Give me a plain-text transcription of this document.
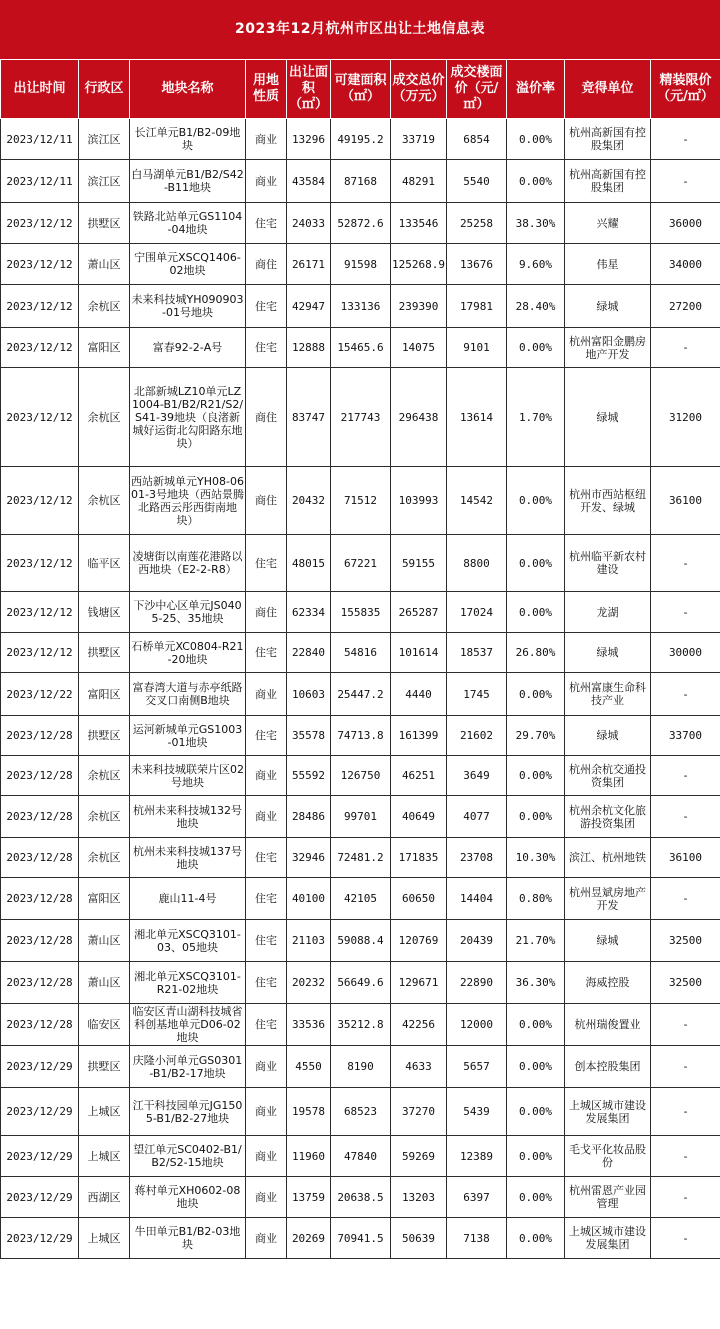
2023年12月杭州市区出让土地信息表
出让时间	行政区	地块名称	用地性质	出让面积（㎡）	可建面积（㎡）	成交总价（万元）	成交楼面价（元/㎡）	溢价率	竞得单位	精装限价（元/㎡）
2023/12/11	滨江区	长江单元B1/B2-09地块	商业	13296	49195.2	33719	6854	0.00%	杭州高新国有控股集团	-
2023/12/11	滨江区	白马湖单元B1/B2/S42-B11地块	商业	43584	87168	48291	5540	0.00%	杭州高新国有控股集团	-
2023/12/12	拱墅区	铁路北站单元GS1104-04地块	住宅	24033	52872.6	133546	25258	38.30%	兴耀	36000
2023/12/12	萧山区	宁围单元XSCQ1406-02地块	商住	26171	91598	125268.9	13676	9.60%	伟星	34000
2023/12/12	余杭区	未来科技城YH090903-01号地块	住宅	42947	133136	239390	17981	28.40%	绿城	27200
2023/12/12	富阳区	富春92-2-A号	住宅	12888	15465.6	14075	9101	0.00%	杭州富阳金鹏房地产开发	-
2023/12/12	余杭区	北部新城LZ10单元LZ1004-B1/B2/R21/S2/S41-39地块（良渚新城好运街北勾阳路东地块）	商住	83747	217743	296438	13614	1.70%	绿城	31200
2023/12/12	余杭区	西站新城单元YH08-0601-3号地块（西站景腾北路西云彤西街南地块）	商住	20432	71512	103993	14542	0.00%	杭州市西站枢纽开发、绿城	36100
2023/12/12	临平区	凌塘街以南莲花港路以西地块（E2-2-R8）	住宅	48015	67221	59155	8800	0.00%	杭州临平新农村建设	-
2023/12/12	钱塘区	下沙中心区单元JS0405-25、35地块	商住	62334	155835	265287	17024	0.00%	龙湖	-
2023/12/12	拱墅区	石桥单元XC0804-R21-20地块	住宅	22840	54816	101614	18537	26.80%	绿城	30000
2023/12/22	富阳区	富春湾大道与赤亭纸路交叉口南侧B地块	商业	10603	25447.2	4440	1745	0.00%	杭州富康生命科技产业	-
2023/12/28	拱墅区	运河新城单元GS1003-01地块	住宅	35578	74713.8	161399	21602	29.70%	绿城	33700
2023/12/28	余杭区	未来科技城联荣片区02号地块	商业	55592	126750	46251	3649	0.00%	杭州余杭交通投资集团	-
2023/12/28	余杭区	杭州未来科技城132号地块	商业	28486	99701	40649	4077	0.00%	杭州余杭文化旅游投资集团	-
2023/12/28	余杭区	杭州未来科技城137号地块	住宅	32946	72481.2	171835	23708	10.30%	滨江、杭州地铁	36100
2023/12/28	富阳区	鹿山11-4号	住宅	40100	42105	60650	14404	0.80%	杭州昱斌房地产开发	-
2023/12/28	萧山区	湘北单元XSCQ3101-03、05地块	住宅	21103	59088.4	120769	20439	21.70%	绿城	32500
2023/12/28	萧山区	湘北单元XSCQ3101-R21-02地块	住宅	20232	56649.6	129671	22890	36.30%	海威控股	32500
2023/12/28	临安区	临安区青山湖科技城省科创基地单元D06-02地块	住宅	33536	35212.8	42256	12000	0.00%	杭州瑞俊置业	-
2023/12/29	拱墅区	庆隆小河单元GS0301-B1/B2-17地块	商业	4550	8190	4633	5657	0.00%	创本控股集团	-
2023/12/29	上城区	江干科技园单元JG1505-B1/B2-27地块	商业	19578	68523	37270	5439	0.00%	上城区城市建设发展集团	-
2023/12/29	上城区	望江单元SC0402-B1/B2/S2-15地块	商业	11960	47840	59269	12389	0.00%	毛戈平化妆品股份	-
2023/12/29	西湖区	蒋村单元XH0602-08地块	商业	13759	20638.5	13203	6397	0.00%	杭州雷恩产业园管理	-
2023/12/29	上城区	牛田单元B1/B2-03地块	商业	20269	70941.5	50639	7138	0.00%	上城区城市建设发展集团	-
